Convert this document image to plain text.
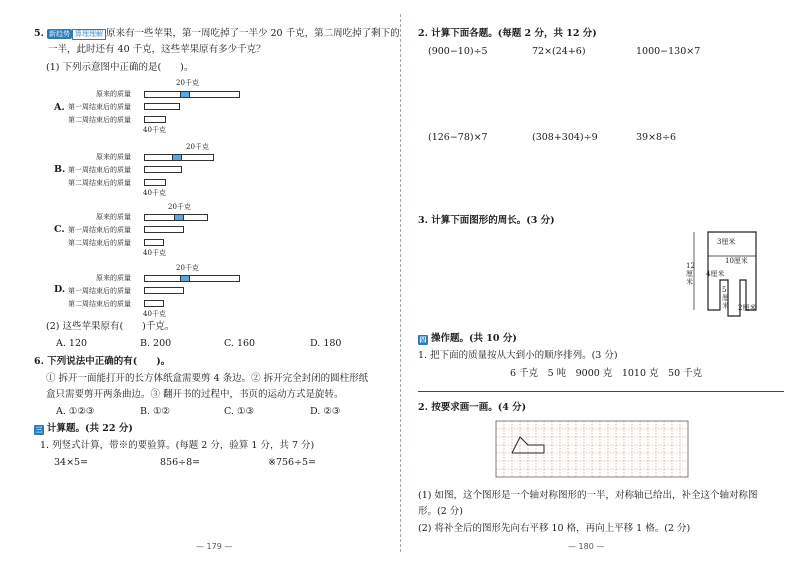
5. 新趋势 算理理解 原来有一些苹果，第一周吃掉了一半少 20 千克，第二周吃掉了剩下的
一半，此时还有 40 千克，这些苹果原有多少千克？
(1) 下列示意图中正确的是(　　)。
20千克
原来的质量
A. 第一周结束后的质量
第二周结束后的质量
40千克
20千克
原来的质量
B. 第一周结束后的质量
第二周结束后的质量
40千克
20千克
原来的质量
C. 第一周结束后的质量
第二周结束后的质量
40千克
20千克
原来的质量
D. 第一周结束后的质量
第二周结束后的质量
40千克
(2) 这些苹果原有(　　)千克。
A. 120	B. 200	C. 160	D. 180
6. 下列说法中正确的有(　　)。
① 拆开一面能打开的长方体纸盒需要剪 4 条边。② 拆开完全封闭的圆柱形纸
盒只需要剪开两条曲边。③ 翻开书的过程中，书页的运动方式是旋转。
A. ①②③	B. ①②	C. ①③	D. ②③
三 计算题。(共 22 分)
1. 列竖式计算，带※的要验算。(每题 2 分，验算 1 分，共 7 分)
34×5=	856÷8=	※756÷5=
— 179 —
2. 计算下面各题。(每题 2 分，共 12 分)
(900−10)÷5	72×(24+6)	1000−130×7
(126−78)×7	(308+304)÷9	39×8÷6
3. 计算下面图形的周长。(3 分)
3厘米
10厘米
12厘米
4厘米
5厘米 2厘米
四 操作题。(共 10 分)
1. 把下面的质量按从大到小的顺序排列。(3 分)
6 千克　5 吨　9000 克　1010 克　50 千克
2. 按要求画一画。(4 分)
(1) 如图，这个图形是一个轴对称图形的一半，对称轴已给出，补全这个轴对称图
形。(2 分)
(2) 将补全后的图形先向右平移 10 格，再向上平移 1 格。(2 分)
— 180 —
